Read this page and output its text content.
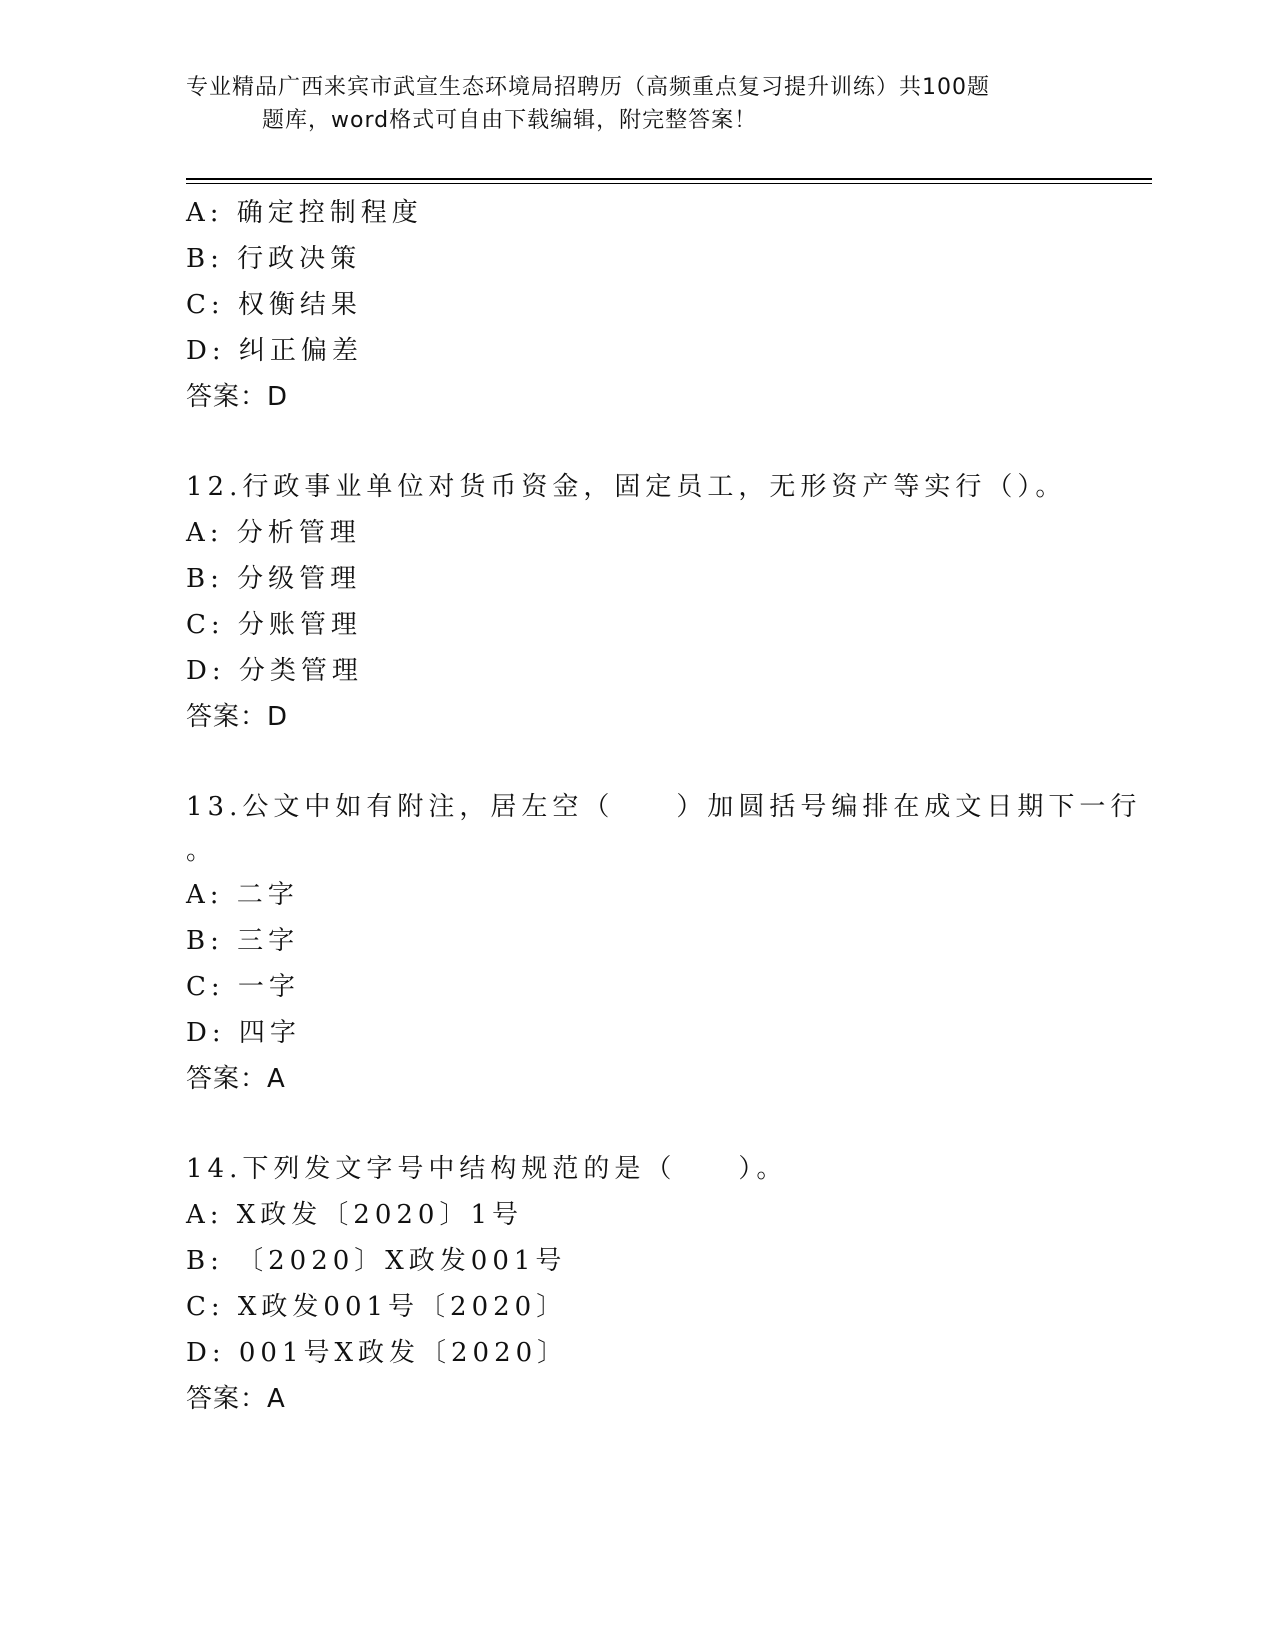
专业精品广西来宾市武宣生态环境局招聘历（高频重点复习提升训练）共100题
题库，word格式可自由下载编辑，附完整答案！
A: 确定控制程度
B: 行政决策
C: 权衡结果
D: 纠正偏差
答案：D
12.行政事业单位对货币资金，固定员工，无形资产等实行（）。
A: 分析管理
B: 分级管理
C: 分账管理
D: 分类管理
答案：D
13.公文中如有附注，居左空（　　）加圆括号编排在成文日期下一行
。
A: 二字
B: 三字
C: 一字
D: 四字
答案：A
14.下列发文字号中结构规范的是（　　）。
A: X政发〔2020〕1号
B: 〔2020〕X政发001号
C: X政发001号〔2020〕
D: 001号X政发〔2020〕
答案：A
